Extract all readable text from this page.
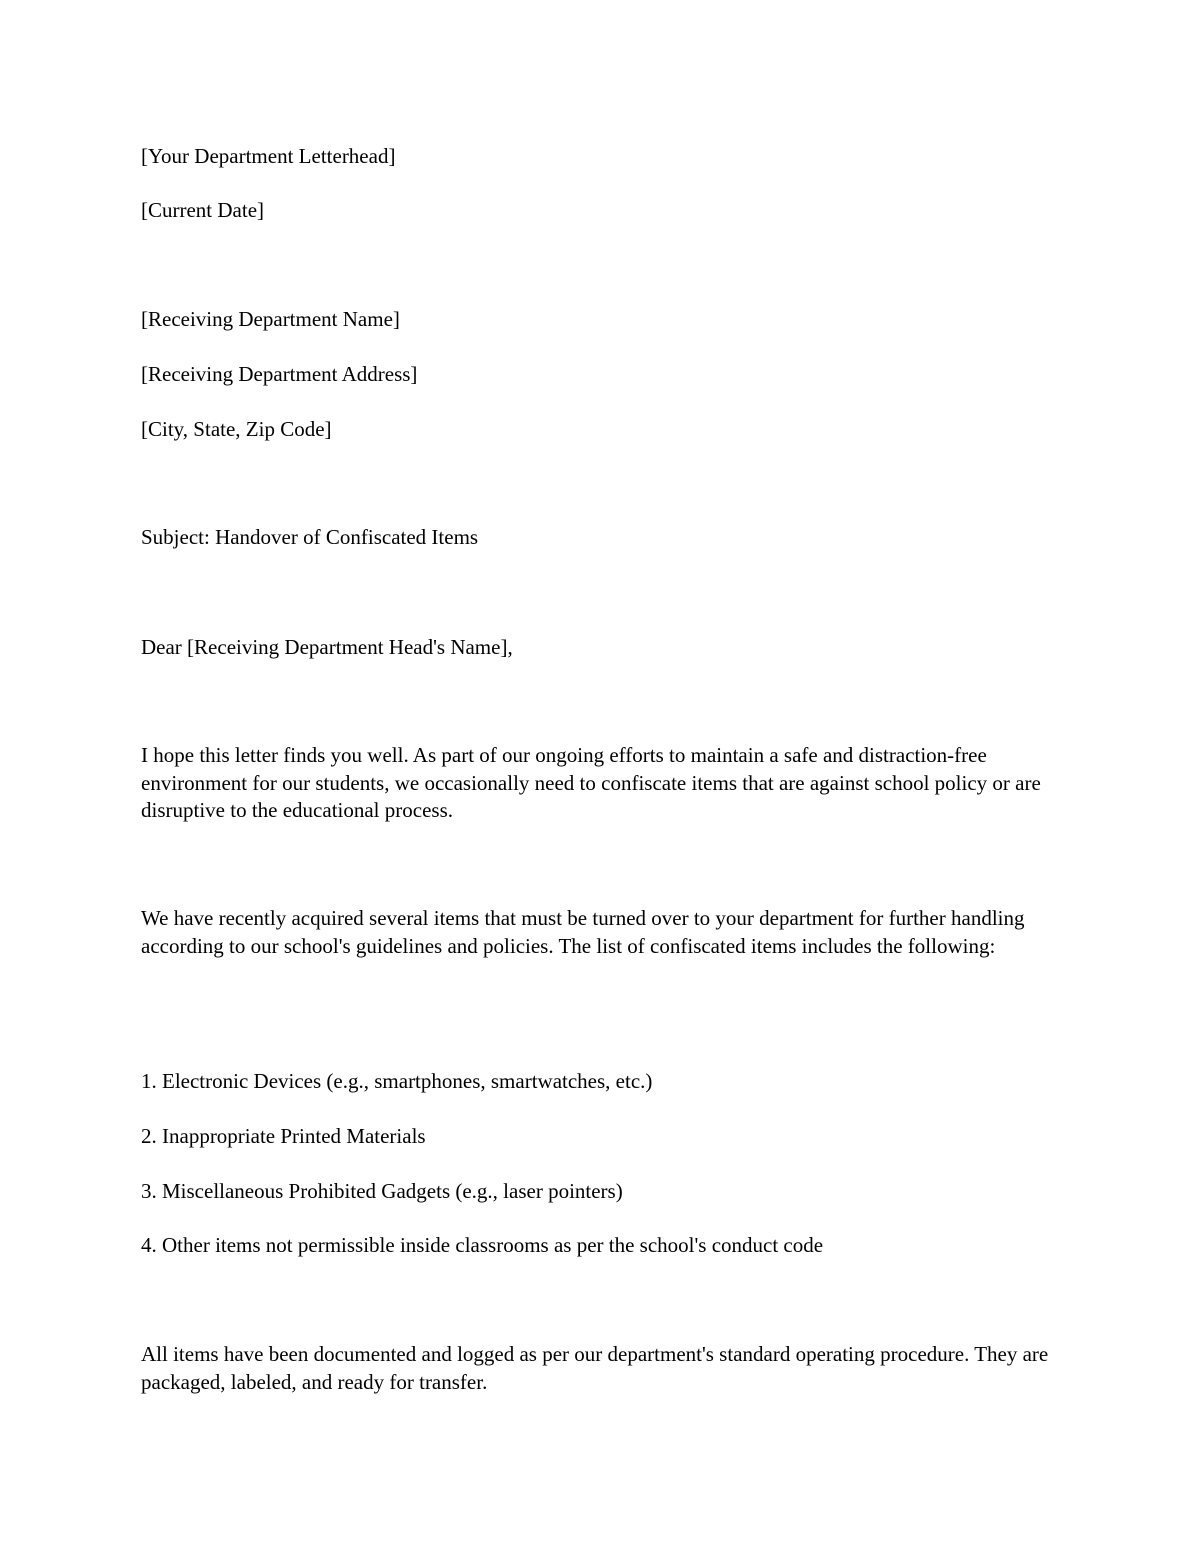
[Your Department Letterhead]

[Current Date]

[Receiving Department Name]

[Receiving Department Address]

[City, State, Zip Code]

Subject: Handover of Confiscated Items

Dear [Receiving Department Head's Name],

I hope this letter finds you well. As part of our ongoing efforts to maintain a safe and distraction-free environment for our students, we occasionally need to confiscate items that are against school policy or are disruptive to the educational process.

We have recently acquired several items that must be turned over to your department for further handling according to our school's guidelines and policies. The list of confiscated items includes the following:

1. Electronic Devices (e.g., smartphones, smartwatches, etc.)

2. Inappropriate Printed Materials

3. Miscellaneous Prohibited Gadgets (e.g., laser pointers)

4. Other items not permissible inside classrooms as per the school's conduct code

All items have been documented and logged as per our department's standard operating procedure. They are packaged, labeled, and ready for transfer.
